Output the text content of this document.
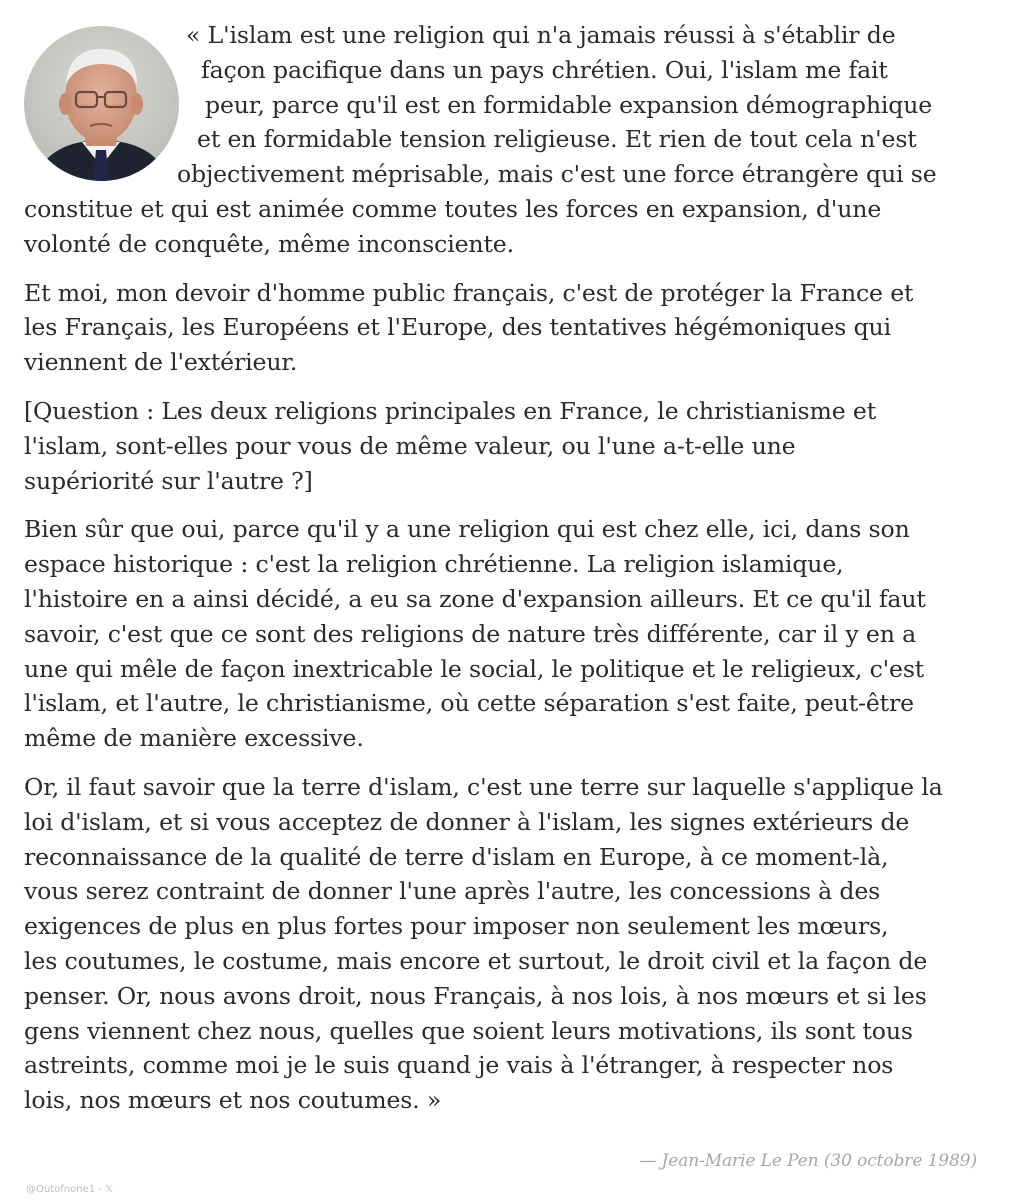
« L'islam est une religion qui n'a jamais réussi à s'établir de
façon pacifique dans un pays chrétien. Oui, l'islam me fait
peur, parce qu'il est en formidable expansion démographique
et en formidable tension religieuse. Et rien de tout cela n'est
objectivement méprisable, mais c'est une force étrangère qui se
constitue et qui est animée comme toutes les forces en expansion, d'une
volonté de conquête, même inconsciente.
Et moi, mon devoir d'homme public français, c'est de protéger la France et
les Français, les Européens et l'Europe, des tentatives hégémoniques qui
viennent de l'extérieur.
[Question : Les deux religions principales en France, le christianisme et
l'islam, sont-elles pour vous de même valeur, ou l'une a-t-elle une
supériorité sur l'autre ?]
Bien sûr que oui, parce qu'il y a une religion qui est chez elle, ici, dans son
espace historique : c'est la religion chrétienne. La religion islamique,
l'histoire en a ainsi décidé, a eu sa zone d'expansion ailleurs. Et ce qu'il faut
savoir, c'est que ce sont des religions de nature très différente, car il y en a
une qui mêle de façon inextricable le social, le politique et le religieux, c'est
l'islam, et l'autre, le christianisme, où cette séparation s'est faite, peut-être
même de manière excessive.
Or, il faut savoir que la terre d'islam, c'est une terre sur laquelle s'applique la
loi d'islam, et si vous acceptez de donner à l'islam, les signes extérieurs de
reconnaissance de la qualité de terre d'islam en Europe, à ce moment-là,
vous serez contraint de donner l'une après l'autre, les concessions à des
exigences de plus en plus fortes pour imposer non seulement les mœurs,
les coutumes, le costume, mais encore et surtout, le droit civil et la façon de
penser. Or, nous avons droit, nous Français, à nos lois, à nos mœurs et si les
gens viennent chez nous, quelles que soient leurs motivations, ils sont tous
astreints, comme moi je le suis quand je vais à l'étranger, à respecter nos
lois, nos mœurs et nos coutumes. »
— Jean-Marie Le Pen (30 octobre 1989)
@Outofnone1 - 𝕏
